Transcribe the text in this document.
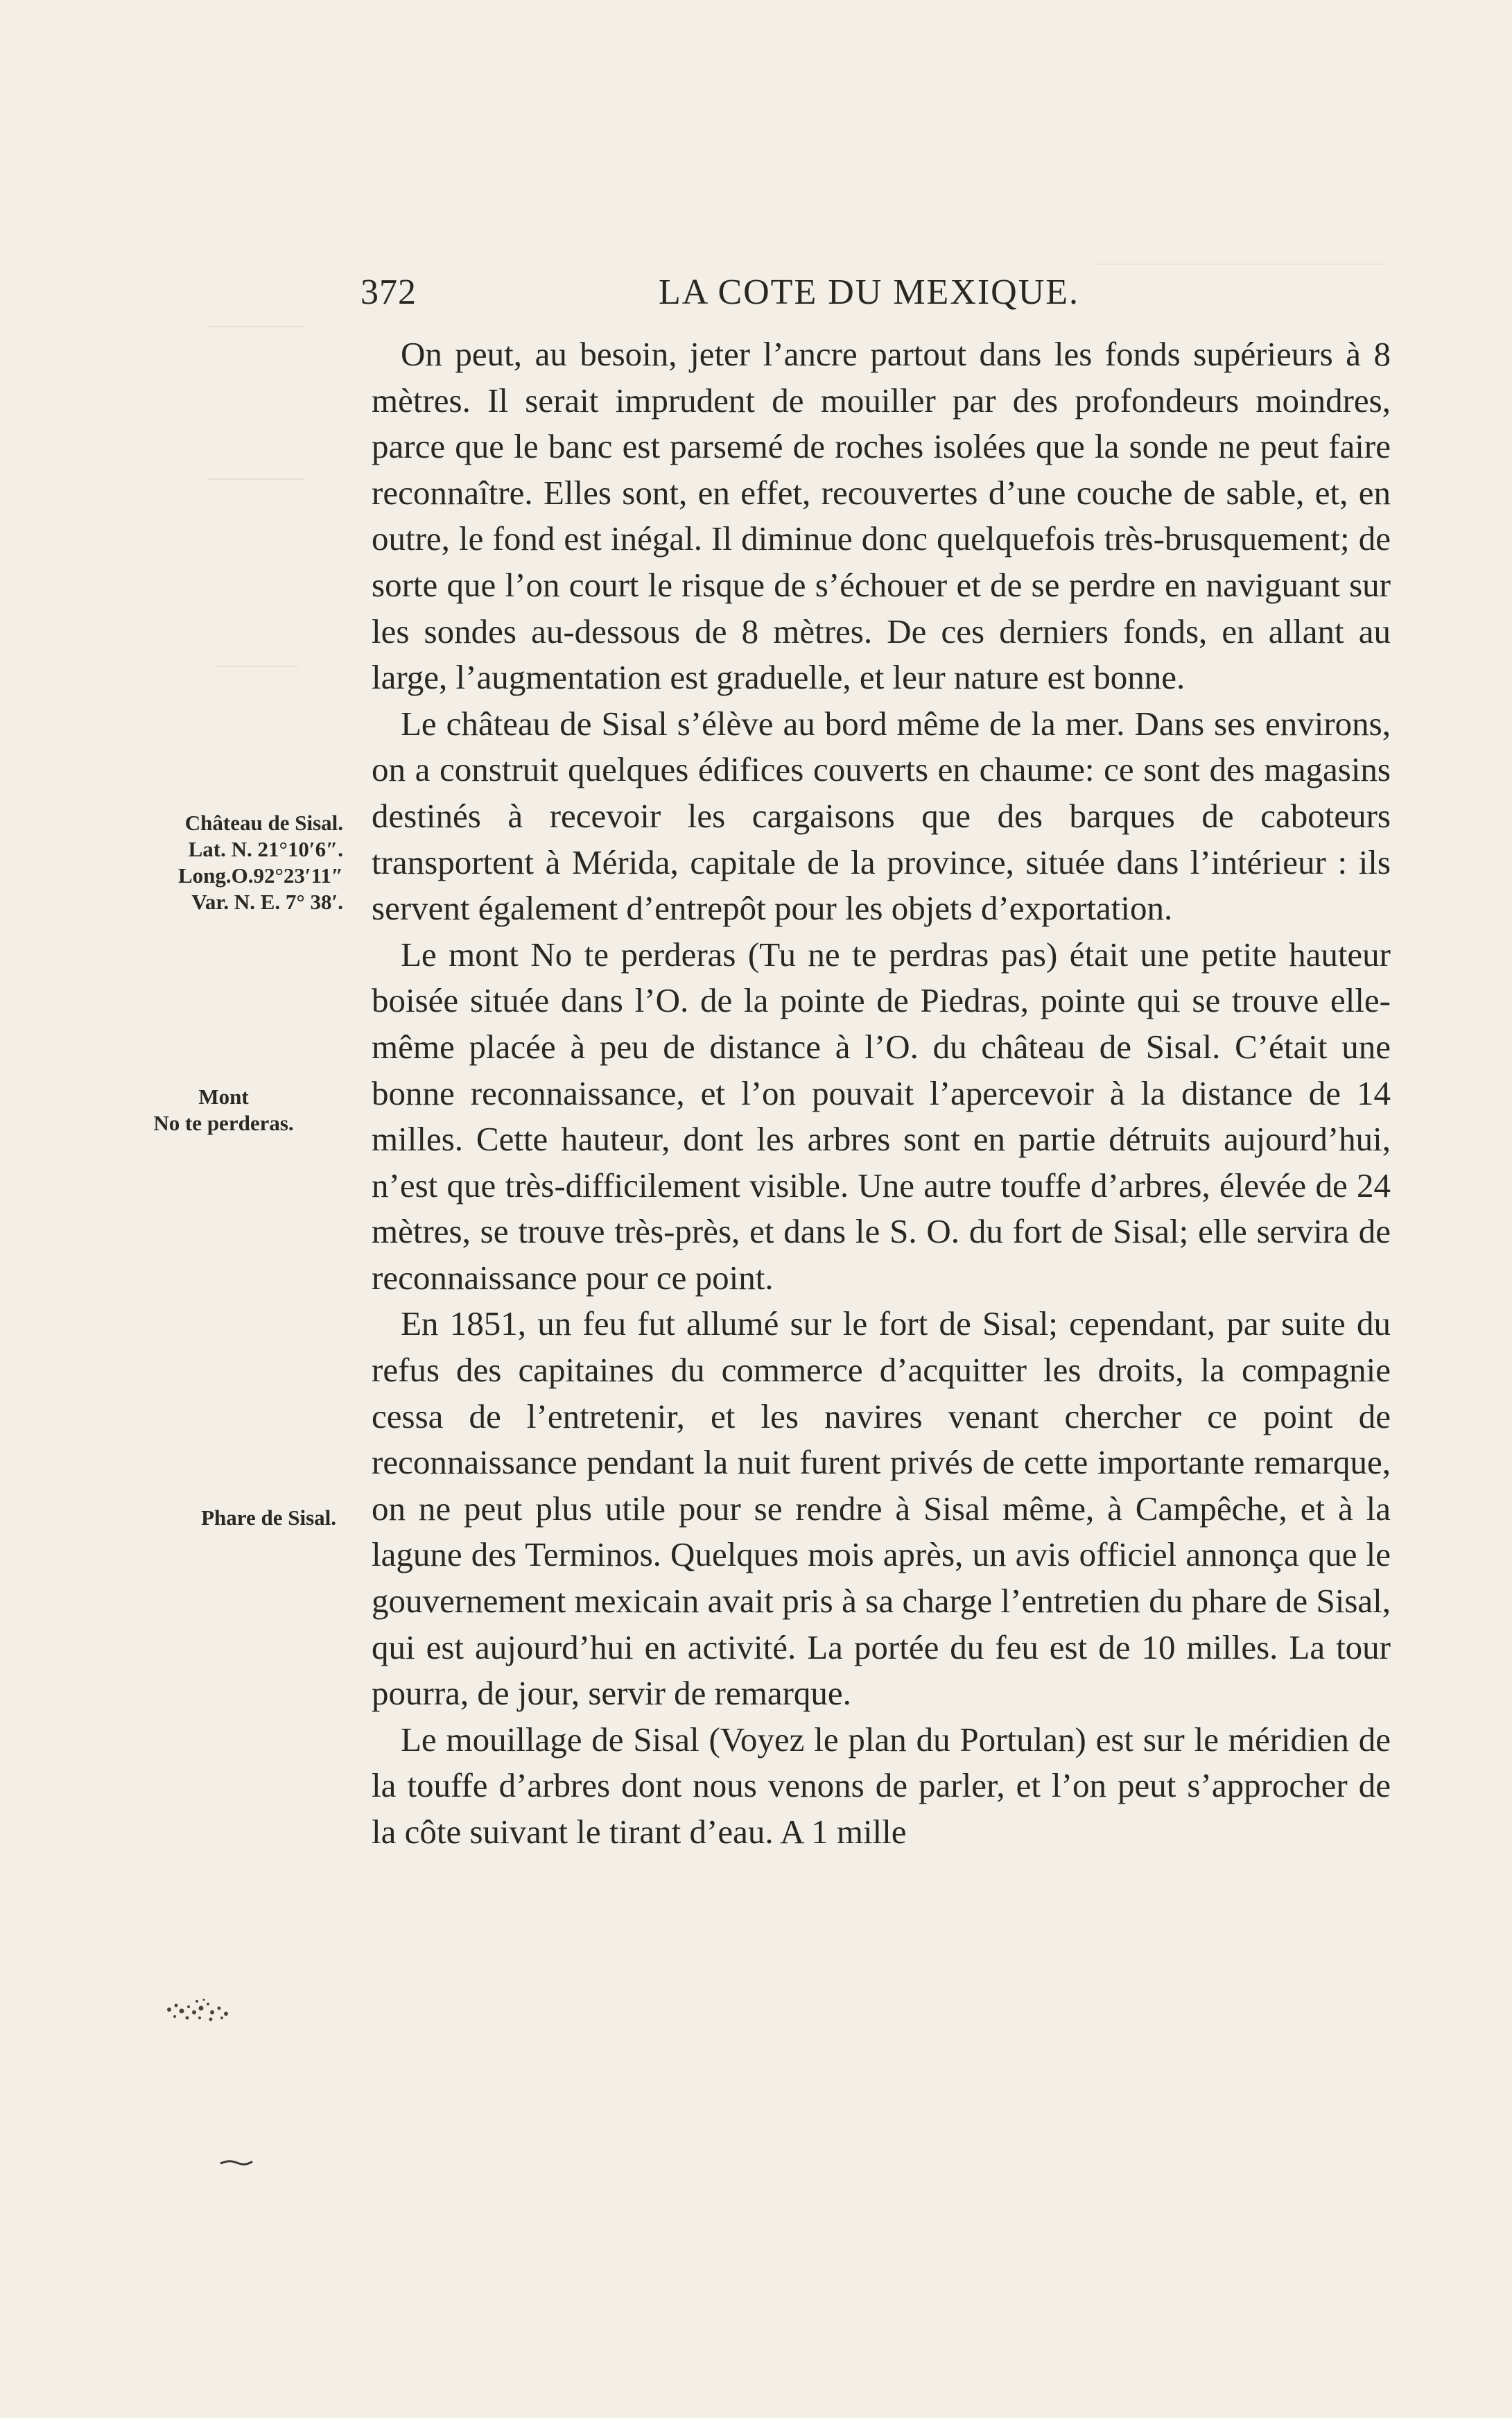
372	LA COTE DU MEXIQUE.

On peut, au besoin, jeter l’ancre partout dans les fonds supérieurs à 8 mètres. Il serait imprudent de mouiller par des profondeurs moindres, parce que le banc est parsemé de roches isolées que la sonde ne peut faire reconnaître. Elles sont, en effet, recouvertes d’une couche de sable, et, en outre, le fond est inégal. Il diminue donc quelquefois très-brusquement; de sorte que l’on court le risque de s’échouer et de se perdre en naviguant sur les sondes au-dessous de 8 mètres. De ces derniers fonds, en allant au large, l’augmentation est graduelle, et leur nature est bonne.

Le château de Sisal s’élève au bord même de la mer. Dans ses environs, on a construit quelques édifices couverts en chaume: ce sont des magasins destinés à recevoir les cargaisons que des barques de caboteurs transportent à Mérida, capitale de la province, située dans l’intérieur : ils servent également d’entrepôt pour les objets d’exportation.

Le mont No te perderas (Tu ne te perdras pas) était une petite hauteur boisée située dans l’O. de la pointe de Piedras, pointe qui se trouve elle-même placée à peu de distance à l’O. du château de Sisal. C’était une bonne reconnaissance, et l’on pouvait l’apercevoir à la distance de 14 milles. Cette hauteur, dont les arbres sont en partie détruits aujourd’hui, n’est que très-difficilement visible. Une autre touffe d’arbres, élevée de 24 mètres, se trouve très-près, et dans le S. O. du fort de Sisal; elle servira de reconnaissance pour ce point.

En 1851, un feu fut allumé sur le fort de Sisal; cependant, par suite du refus des capitaines du commerce d’acquitter les droits, la compagnie cessa de l’entretenir, et les navires venant chercher ce point de reconnaissance pendant la nuit furent privés de cette importante remarque, on ne peut plus utile pour se rendre à Sisal même, à Campêche, et à la lagune des Terminos. Quelques mois après, un avis officiel annonça que le gouvernement mexicain avait pris à sa charge l’entretien du phare de Sisal, qui est aujourd’hui en activité. La portée du feu est de 10 milles. La tour pourra, de jour, servir de remarque.

Le mouillage de Sisal (Voyez le plan du Portulan) est sur le méridien de la touffe d’arbres dont nous venons de parler, et l’on peut s’approcher de la côte suivant le tirant d’eau. A 1 mille

Château de Sisal.
Lat. N. 21°10′6″.
Long.O.92°23′11″
Var. N. E. 7° 38′.
Mont
No te perderas.
Phare de Sisal.
